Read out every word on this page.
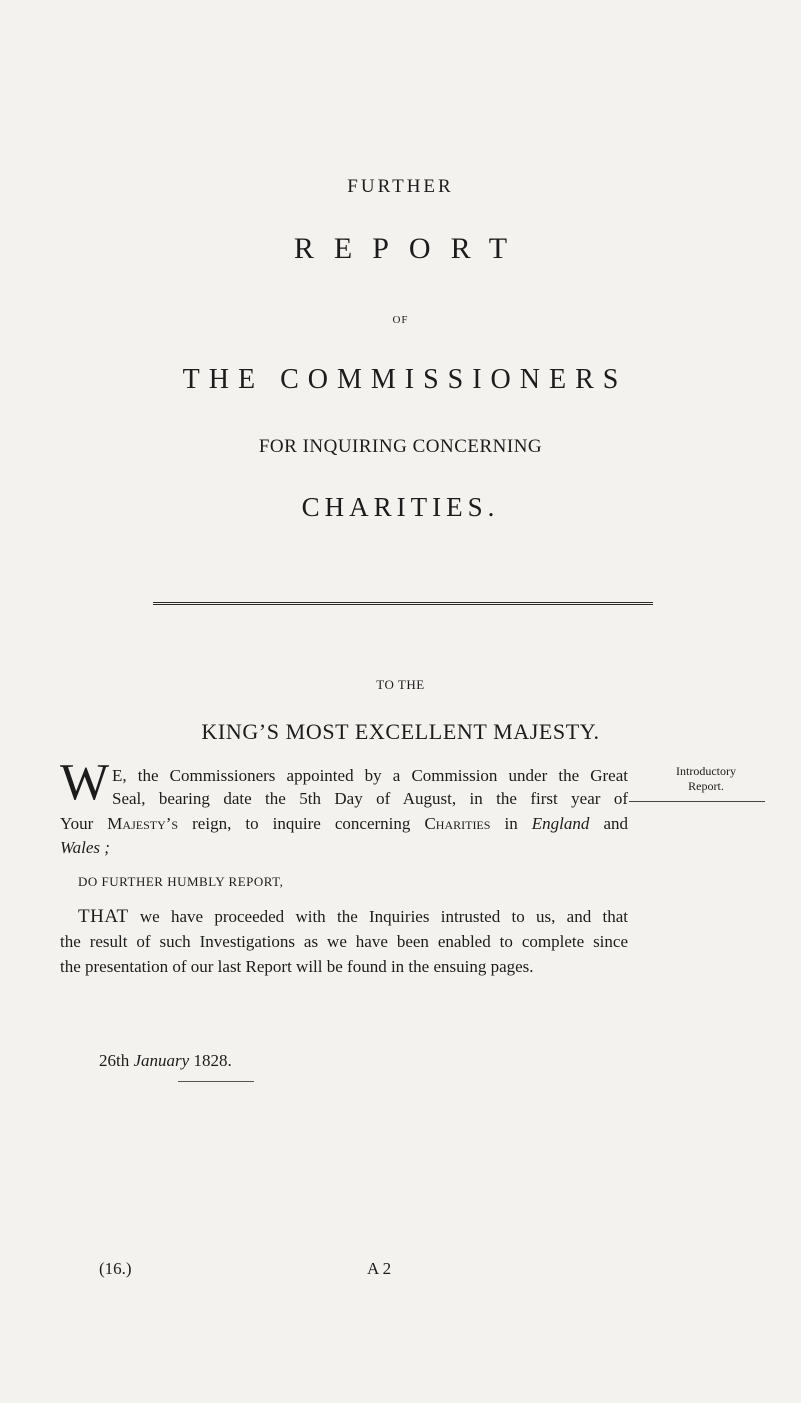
FURTHER

REPORT

OF

THE COMMISSIONERS

FOR INQUIRING CONCERNING

CHARITIES.

TO THE

KING’S MOST EXCELLENT MAJESTY.

W E, the Commissioners appointed by a Commission under the Great

Seal, bearing date the 5th Day of August, in the first year of

Your Majesty’s reign, to inquire concerning Charities in England and

Wales ;

Introductory
Report.

DO FURTHER HUMBLY REPORT,

THAT we have proceeded with the Inquiries intrusted to us, and that

the result of such Investigations as we have been enabled to complete since

the presentation of our last Report will be found in the ensuing pages.

26th January 1828.

(16.)	A 2
